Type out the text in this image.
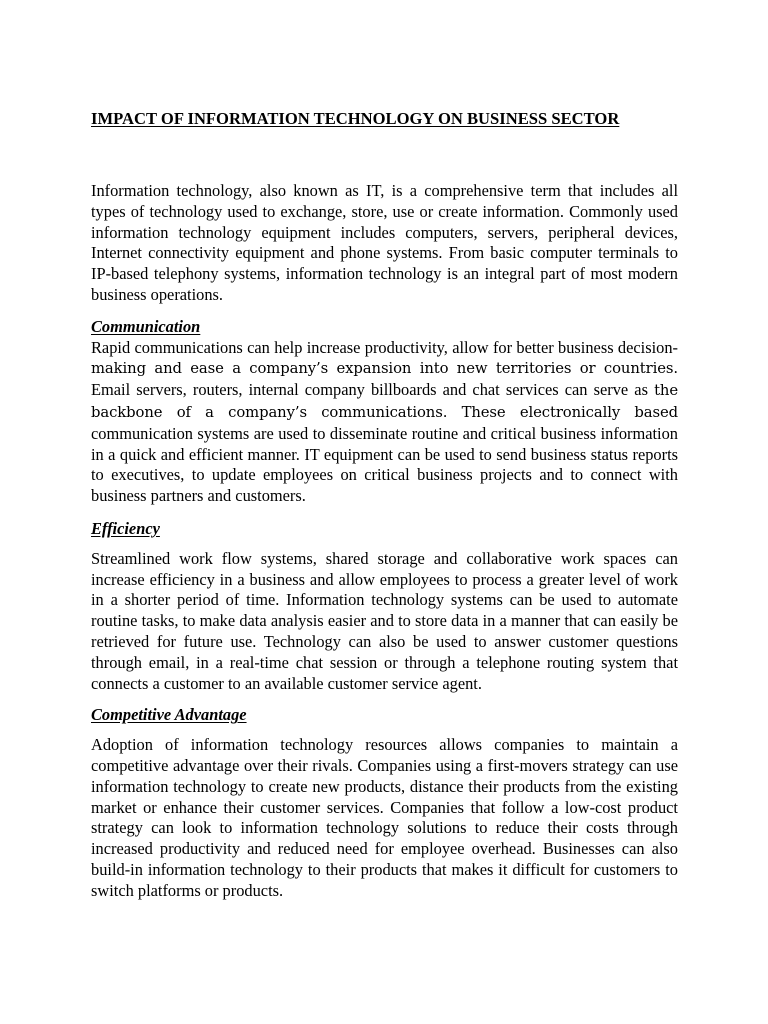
IMPACT OF INFORMATION TECHNOLOGY ON BUSINESS SECTOR

Information technology, also known as IT, is a comprehensive term that includes all types of technology used to exchange, store, use or create information. Commonly used information technology equipment includes computers, servers, peripheral devices, Internet connectivity equipment and phone systems. From basic computer terminals to IP-based telephony systems, information technology is an integral part of most modern business operations.

Communication

Rapid communications can help increase productivity, allow for better business decision-making and ease a company’s expansion into new territories or countries. Email servers, routers, internal company billboards and chat services can serve as the backbone of a company’s communications. These electronically based communication systems are used to disseminate routine and critical business information in a quick and efficient manner. IT equipment can be used to send business status reports to executives, to update employees on critical business projects and to connect with business partners and customers.

Efficiency

Streamlined work flow systems, shared storage and collaborative work spaces can increase efficiency in a business and allow employees to process a greater level of work in a shorter period of time. Information technology systems can be used to automate routine tasks, to make data analysis easier and to store data in a manner that can easily be retrieved for future use. Technology can also be used to answer customer questions through email, in a real-time chat session or through a telephone routing system that connects a customer to an available customer service agent.

Competitive Advantage

Adoption of information technology resources allows companies to maintain a competitive advantage over their rivals. Companies using a first-movers strategy can use information technology to create new products, distance their products from the existing market or enhance their customer services. Companies that follow a low-cost product strategy can look to information technology solutions to reduce their costs through increased productivity and reduced need for employee overhead. Businesses can also build-in information technology to their products that makes it difficult for customers to switch platforms or products.
